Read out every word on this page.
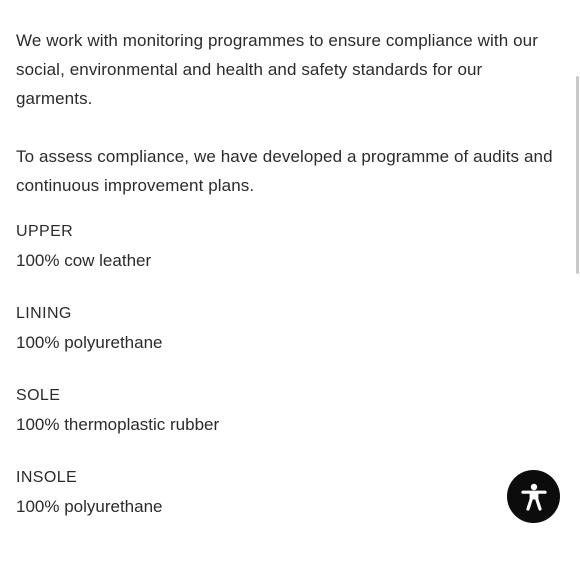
We work with monitoring programmes to ensure compliance with our social, environmental and health and safety standards for our garments.

To assess compliance, we have developed a programme of audits and continuous improvement plans.

UPPER
100% cow leather
LINING
100% polyurethane
SOLE
100% thermoplastic rubber
INSOLE
100% polyurethane
